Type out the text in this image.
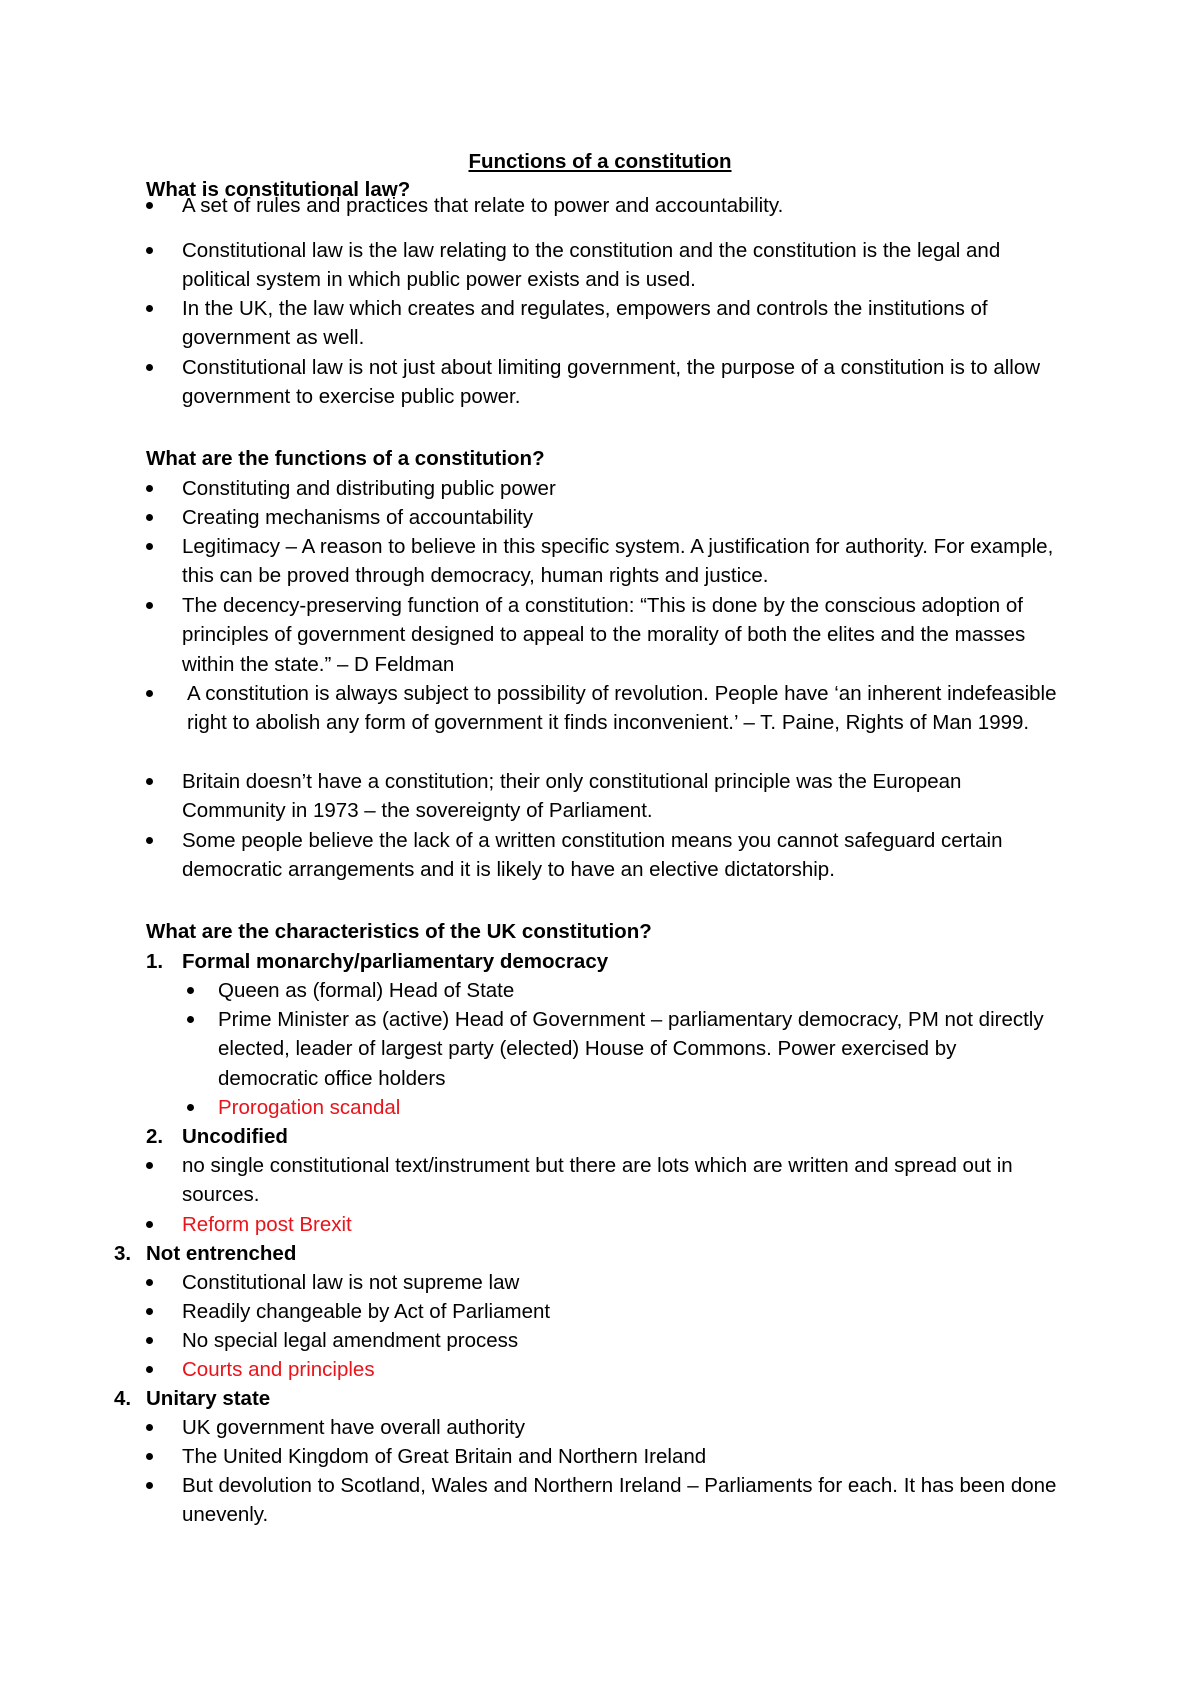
Functions of a constitution
What is constitutional law?
A set of rules and practices that relate to power and accountability.
Constitutional law is the law relating to the constitution and the constitution is the legal and political system in which public power exists and is used.
In the UK, the law which creates and regulates, empowers and controls the institutions of government as well.
Constitutional law is not just about limiting government, the purpose of a constitution is to allow government to exercise public power.
What are the functions of a constitution?
Constituting and distributing public power
Creating mechanisms of accountability
Legitimacy – A reason to believe in this specific system. A justification for authority. For example, this can be proved through democracy, human rights and justice.
The decency-preserving function of a constitution: “This is done by the conscious adoption of principles of government designed to appeal to the morality of both the elites and the masses within the state.” – D Feldman
A constitution is always subject to possibility of revolution. People have ‘an inherent indefeasible right to abolish any form of government it finds inconvenient.’ – T. Paine, Rights of Man 1999.
Britain doesn’t have a constitution; their only constitutional principle was the European Community in 1973 – the sovereignty of Parliament.
Some people believe the lack of a written constitution means you cannot safeguard certain democratic arrangements and it is likely to have an elective dictatorship.
What are the characteristics of the UK constitution?
1. Formal monarchy/parliamentary democracy
Queen as (formal) Head of State
Prime Minister as (active) Head of Government – parliamentary democracy, PM not directly elected, leader of largest party (elected) House of Commons. Power exercised by democratic office holders
Prorogation scandal
2. Uncodified
no single constitutional text/instrument but there are lots which are written and spread out in sources.
Reform post Brexit
3. Not entrenched
Constitutional law is not supreme law
Readily changeable by Act of Parliament
No special legal amendment process
Courts and principles
4. Unitary state
UK government have overall authority
The United Kingdom of Great Britain and Northern Ireland
But devolution to Scotland, Wales and Northern Ireland – Parliaments for each. It has been done unevenly.
